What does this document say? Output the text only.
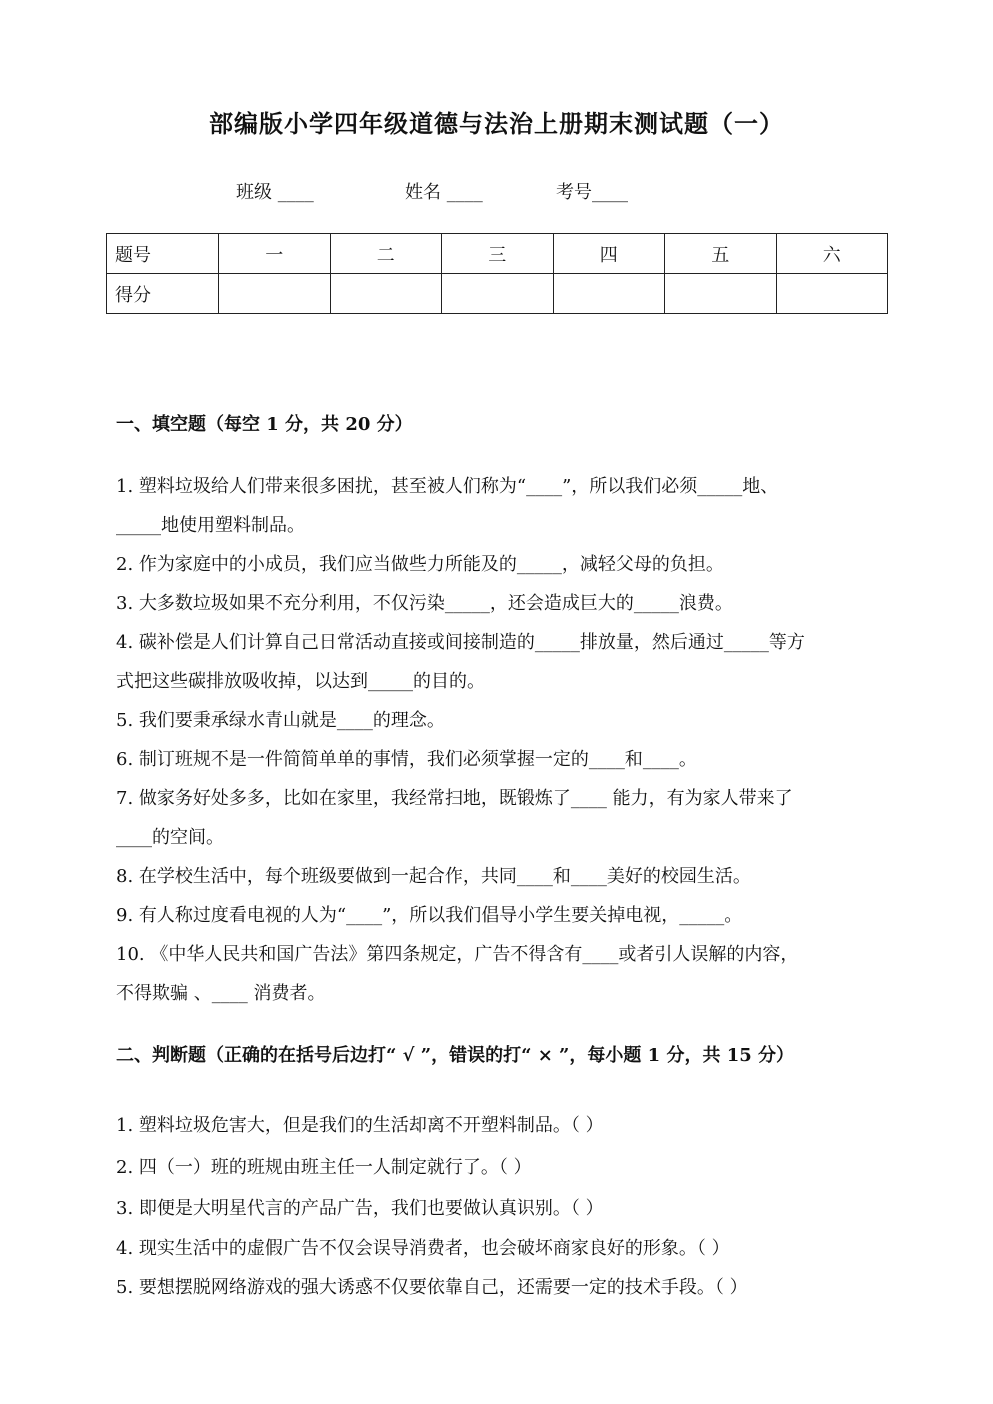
部编版小学四年级道德与法治上册期末测试题（一）
班级 ____	姓名 ____	考号____
题号	一	二	三	四	五	六
得分						
一、填空题（每空 1 分，共 20 分）
1. 塑料垃圾给人们带来很多困扰，甚至被人们称为“____”，所以我们必须_____地、
_____地使用塑料制品。
2. 作为家庭中的小成员，我们应当做些力所能及的_____，减轻父母的负担。
3. 大多数垃圾如果不充分利用，不仅污染_____，还会造成巨大的_____浪费。
4. 碳补偿是人们计算自己日常活动直接或间接制造的_____排放量，然后通过_____等方
式把这些碳排放吸收掉，以达到_____的目的。
5. 我们要秉承绿水青山就是____的理念。
6. 制订班规不是一件简简单单的事情，我们必须掌握一定的____和____。
7. 做家务好处多多，比如在家里，我经常扫地，既锻炼了____ 能力，有为家人带来了
____的空间。
8. 在学校生活中，每个班级要做到一起合作，共同____和____美好的校园生活。
9. 有人称过度看电视的人为“____”，所以我们倡导小学生要关掉电视，_____。
10. 《中华人民共和国广告法》第四条规定，广告不得含有____或者引人误解的内容，
不得欺骗 、____ 消费者。
二、判断题（正确的在括号后边打“ √ ”，错误的打“ × ”，每小题 1 分，共 15 分）
1. 塑料垃圾危害大，但是我们的生活却离不开塑料制品。（ ）
2. 四（一）班的班规由班主任一人制定就行了。（ ）
3. 即便是大明星代言的产品广告，我们也要做认真识别。（ ）
4. 现实生活中的虚假广告不仅会误导消费者，也会破坏商家良好的形象。（ ）
5. 要想摆脱网络游戏的强大诱惑不仅要依靠自己，还需要一定的技术手段。（ ）
